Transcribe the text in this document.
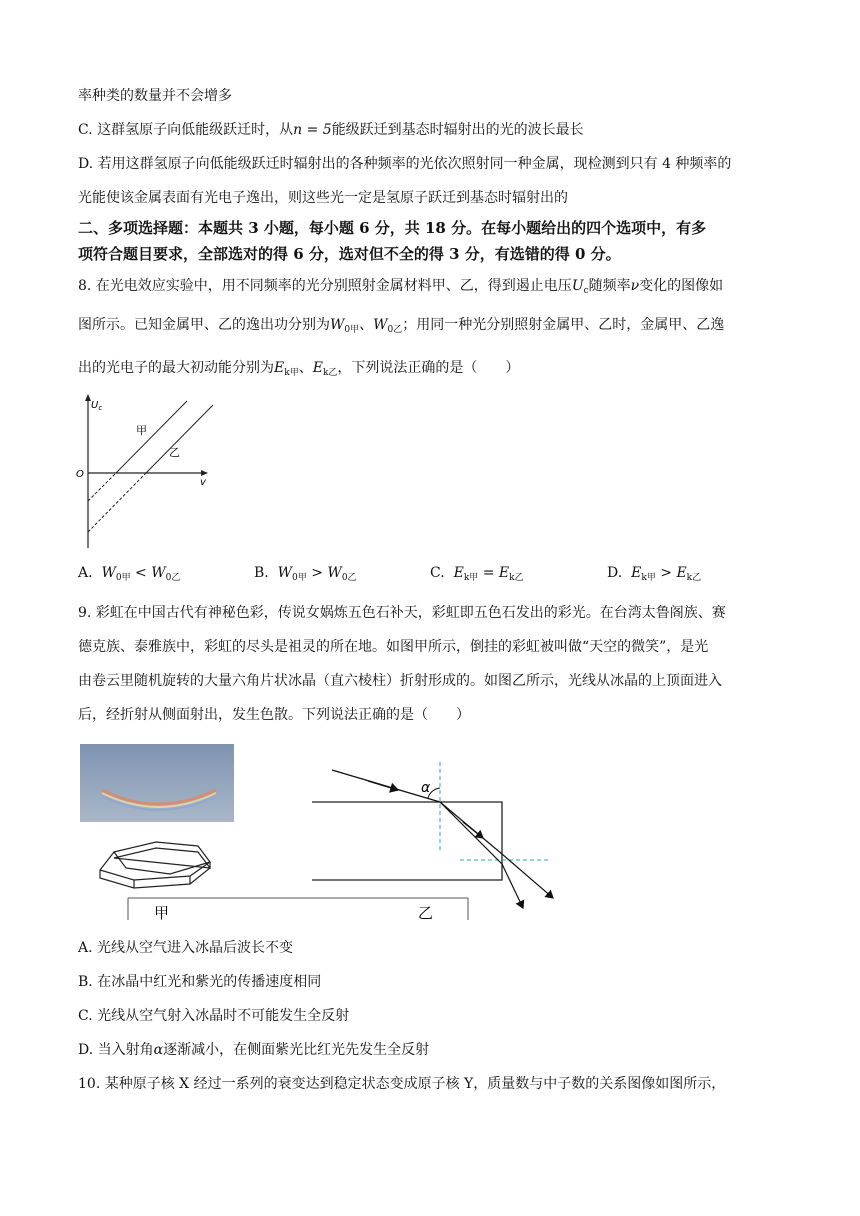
率种类的数量并不会增多
C. 这群氢原子向低能级跃迁时，从n = 5能级跃迁到基态时辐射出的光的波长最长
D. 若用这群氢原子向低能级跃迁时辐射出的各种频率的光依次照射同一种金属，现检测到只有 4 种频率的
光能使该金属表面有光电子逸出，则这些光一定是氢原子跃迁到基态时辐射出的
二、多项选择题：本题共 3 小题，每小题 6 分，共 18 分。在每小题给出的四个选项中，有多
项符合题目要求，全部选对的得 6 分，选对但不全的得 3 分，有选错的得 0 分。
8. 在光电效应实验中，用不同频率的光分别照射金属材料甲、乙，得到遏止电压$U_c$随频率ν变化的图像如
图所示。已知金属甲、乙的逸出功分别为$W_{0甲}$、$W_{0乙}$；用同一种光分别照射金属甲、乙时，金属甲、乙逸
出的光电子的最大初动能分别为$E_{k甲}$、$E_{k乙}$，下列说法正确的是（　　）
$U_c$
O
v
甲
乙
A. $W_{0甲} < W_{0乙}$	B. $W_{0甲} > W_{0乙}$	C. $E_{k甲} = E_{k乙}$	D. $E_{k甲} > E_{k乙}$
9. 彩虹在中国古代有神秘色彩，传说女娲炼五色石补天，彩虹即五色石发出的彩光。在台湾太鲁阁族、赛
德克族、泰雅族中，彩虹的尽头是祖灵的所在地。如图甲所示，倒挂的彩虹被叫做“天空的微笑”，是光
由卷云里随机旋转的大量六角片状冰晶（直六棱柱）折射形成的。如图乙所示，光线从冰晶的上顶面进入
后，经折射从侧面射出，发生色散。下列说法正确的是（　　）
甲	乙
α
A. 光线从空气进入冰晶后波长不变
B. 在冰晶中红光和紫光的传播速度相同
C. 光线从空气射入冰晶时不可能发生全反射
D. 当入射角α逐渐减小，在侧面紫光比红光先发生全反射
10. 某种原子核 X 经过一系列的衰变达到稳定状态变成原子核 Y，质量数与中子数的关系图像如图所示，
